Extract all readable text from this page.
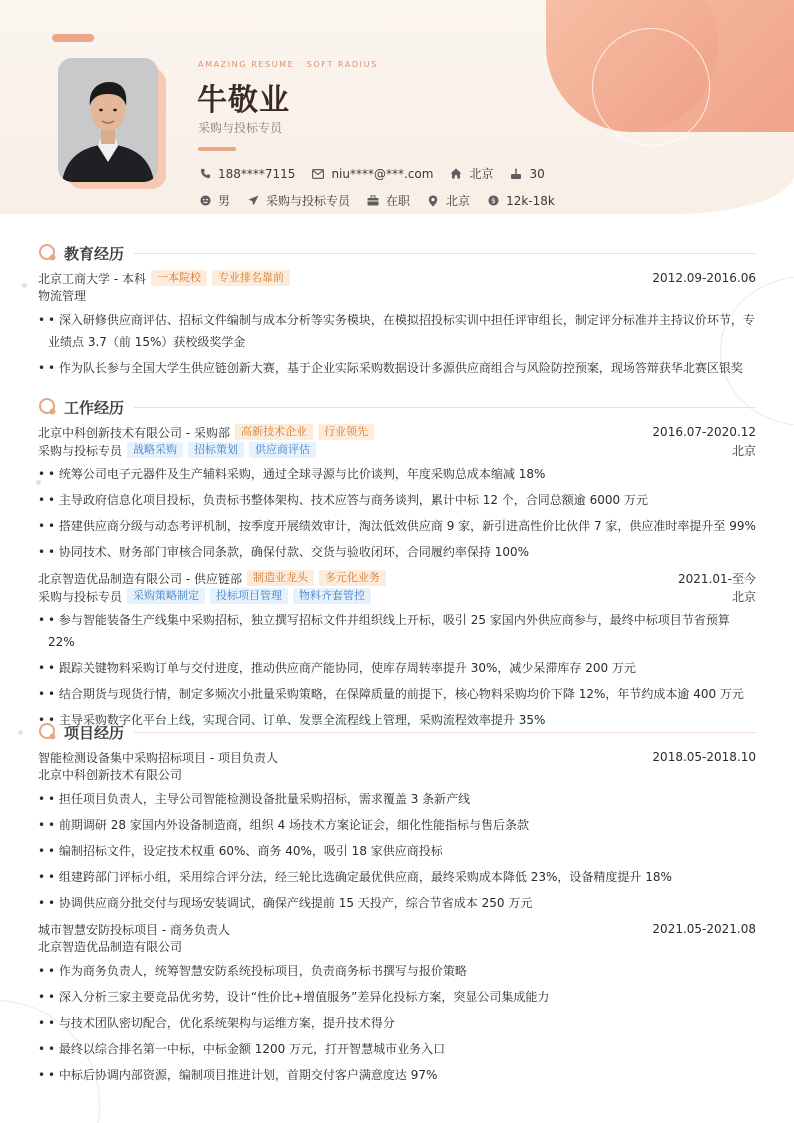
AMAZING RESUME · SOFT RADIUS
牛敬业
采购与投标专员
188****7115	niu****@***.com	北京	30
男	采购与投标专员	在职	北京	$ 12k-18k
教育经历
北京工商大学 - 本科	一本院校	专业排名靠前	2012.09-2016.06
物流管理
• • 深入研修供应商评估、招标文件编制与成本分析等实务模块，在模拟招投标实训中担任评审组长，制定评分标准并主持议价环节，专业绩点 3.7（前 15%）获校级奖学金
• • 作为队长参与全国大学生供应链创新大赛，基于企业实际采购数据设计多源供应商组合与风险防控预案，现场答辩获华北赛区银奖
工作经历
北京中科创新技术有限公司 - 采购部	高新技术企业	行业领先	2016.07-2020.12
采购与投标专员	战略采购	招标策划	供应商评估	北京
• • 统筹公司电子元器件及生产辅料采购，通过全球寻源与比价谈判，年度采购总成本缩减 18%
• • 主导政府信息化项目投标，负责标书整体架构、技术应答与商务谈判，累计中标 12 个，合同总额逾 6000 万元
• • 搭建供应商分级与动态考评机制，按季度开展绩效审计，淘汰低效供应商 9 家，新引进高性价比伙伴 7 家，供应准时率提升至 99%
• • 协同技术、财务部门审核合同条款，确保付款、交货与验收闭环，合同履约率保持 100%
北京智造优品制造有限公司 - 供应链部	制造业龙头	多元化业务	2021.01-至今
采购与投标专员	采购策略制定	投标项目管理	物料齐套管控	北京
• • 参与智能装备生产线集中采购招标，独立撰写招标文件并组织线上开标，吸引 25 家国内外供应商参与，最终中标项目节省预算 22%
• • 跟踪关键物料采购订单与交付进度，推动供应商产能协同，使库存周转率提升 30%，减少呆滞库存 200 万元
• • 结合期货与现货行情，制定多频次小批量采购策略，在保障质量的前提下，核心物料采购均价下降 12%，年节约成本逾 400 万元
• • 主导采购数字化平台上线，实现合同、订单、发票全流程线上管理，采购流程效率提升 35%
项目经历
智能检测设备集中采购招标项目 - 项目负责人	2018.05-2018.10
北京中科创新技术有限公司
• • 担任项目负责人，主导公司智能检测设备批量采购招标，需求覆盖 3 条新产线
• • 前期调研 28 家国内外设备制造商，组织 4 场技术方案论证会，细化性能指标与售后条款
• • 编制招标文件，设定技术权重 60%、商务 40%，吸引 18 家供应商投标
• • 组建跨部门评标小组，采用综合评分法，经三轮比选确定最优供应商，最终采购成本降低 23%，设备精度提升 18%
• • 协调供应商分批交付与现场安装调试，确保产线提前 15 天投产，综合节省成本 250 万元
城市智慧安防投标项目 - 商务负责人	2021.05-2021.08
北京智造优品制造有限公司
• • 作为商务负责人，统筹智慧安防系统投标项目，负责商务标书撰写与报价策略
• • 深入分析三家主要竞品优劣势，设计“性价比+增值服务”差异化投标方案，突显公司集成能力
• • 与技术团队密切配合，优化系统架构与运维方案，提升技术得分
• • 最终以综合排名第一中标，中标金额 1200 万元，打开智慧城市业务入口
• • 中标后协调内部资源，编制项目推进计划，首期交付客户满意度达 97%
